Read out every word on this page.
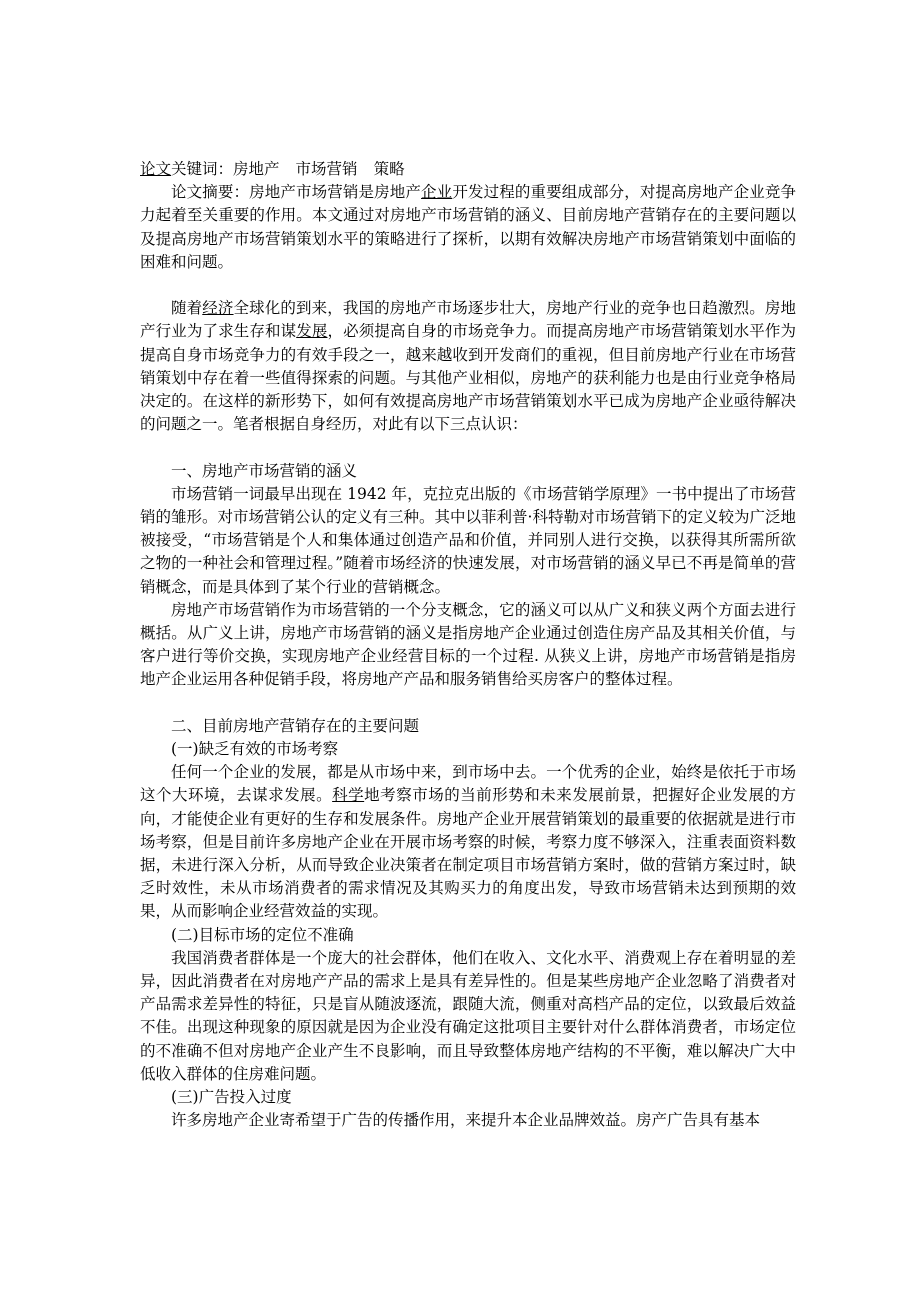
论文关键词：房地产 市场营销 策略

论文摘要：房地产市场营销是房地产企业开发过程的重要组成部分，对提高房地产企业竞争力起着至关重要的作用。本文通过对房地产市场营销的涵义、目前房地产营销存在的主要问题以及提高房地产市场营销策划水平的策略进行了探析，以期有效解决房地产市场营销策划中面临的困难和问题。

随着经济全球化的到来，我国的房地产市场逐步壮大，房地产行业的竞争也日趋激烈。房地产行业为了求生存和谋发展，必须提高自身的市场竞争力。而提高房地产市场营销策划水平作为提高自身市场竞争力的有效手段之一，越来越收到开发商们的重视，但目前房地产行业在市场营销策划中存在着一些值得探索的问题。与其他产业相似，房地产的获利能力也是由行业竞争格局决定的。在这样的新形势下，如何有效提高房地产市场营销策划水平已成为房地产企业亟待解决的问题之一。笔者根据自身经历，对此有以下三点认识：

一、房地产市场营销的涵义

市场营销一词最早出现在 1942 年，克拉克出版的《市场营销学原理》一书中提出了市场营销的雏形。对市场营销公认的定义有三种。其中以菲利普·科特勒对市场营销下的定义较为广泛地被接受，“市场营销是个人和集体通过创造产品和价值，并同别人进行交换，以获得其所需所欲之物的一种社会和管理过程。”随着市场经济的快速发展，对市场营销的涵义早已不再是简单的营销概念，而是具体到了某个行业的营销概念。

房地产市场营销作为市场营销的一个分支概念，它的涵义可以从广义和狭义两个方面去进行概括。从广义上讲，房地产市场营销的涵义是指房地产企业通过创造住房产品及其相关价值，与客户进行等价交换，实现房地产企业经营目标的一个过程. 从狭义上讲，房地产市场营销是指房地产企业运用各种促销手段，将房地产产品和服务销售给买房客户的整体过程。

二、目前房地产营销存在的主要问题

(一)缺乏有效的市场考察

任何一个企业的发展，都是从市场中来，到市场中去。一个优秀的企业，始终是依托于市场这个大环境，去谋求发展。科学地考察市场的当前形势和未来发展前景，把握好企业发展的方向，才能使企业有更好的生存和发展条件。房地产企业开展营销策划的最重要的依据就是进行市场考察，但是目前许多房地产企业在开展市场考察的时候，考察力度不够深入，注重表面资料数据，未进行深入分析，从而导致企业决策者在制定项目市场营销方案时，做的营销方案过时，缺乏时效性，未从市场消费者的需求情况及其购买力的角度出发，导致市场营销未达到预期的效果，从而影响企业经营效益的实现。

(二)目标市场的定位不准确

我国消费者群体是一个庞大的社会群体，他们在收入、文化水平、消费观上存在着明显的差异，因此消费者在对房地产产品的需求上是具有差异性的。但是某些房地产企业忽略了消费者对产品需求差异性的特征，只是盲从随波逐流，跟随大流，侧重对高档产品的定位，以致最后效益不佳。出现这种现象的原因就是因为企业没有确定这批项目主要针对什么群体消费者，市场定位的不准确不但对房地产企业产生不良影响，而且导致整体房地产结构的不平衡，难以解决广大中低收入群体的住房难问题。

(三)广告投入过度

许多房地产企业寄希望于广告的传播作用，来提升本企业品牌效益。房产广告具有基本
